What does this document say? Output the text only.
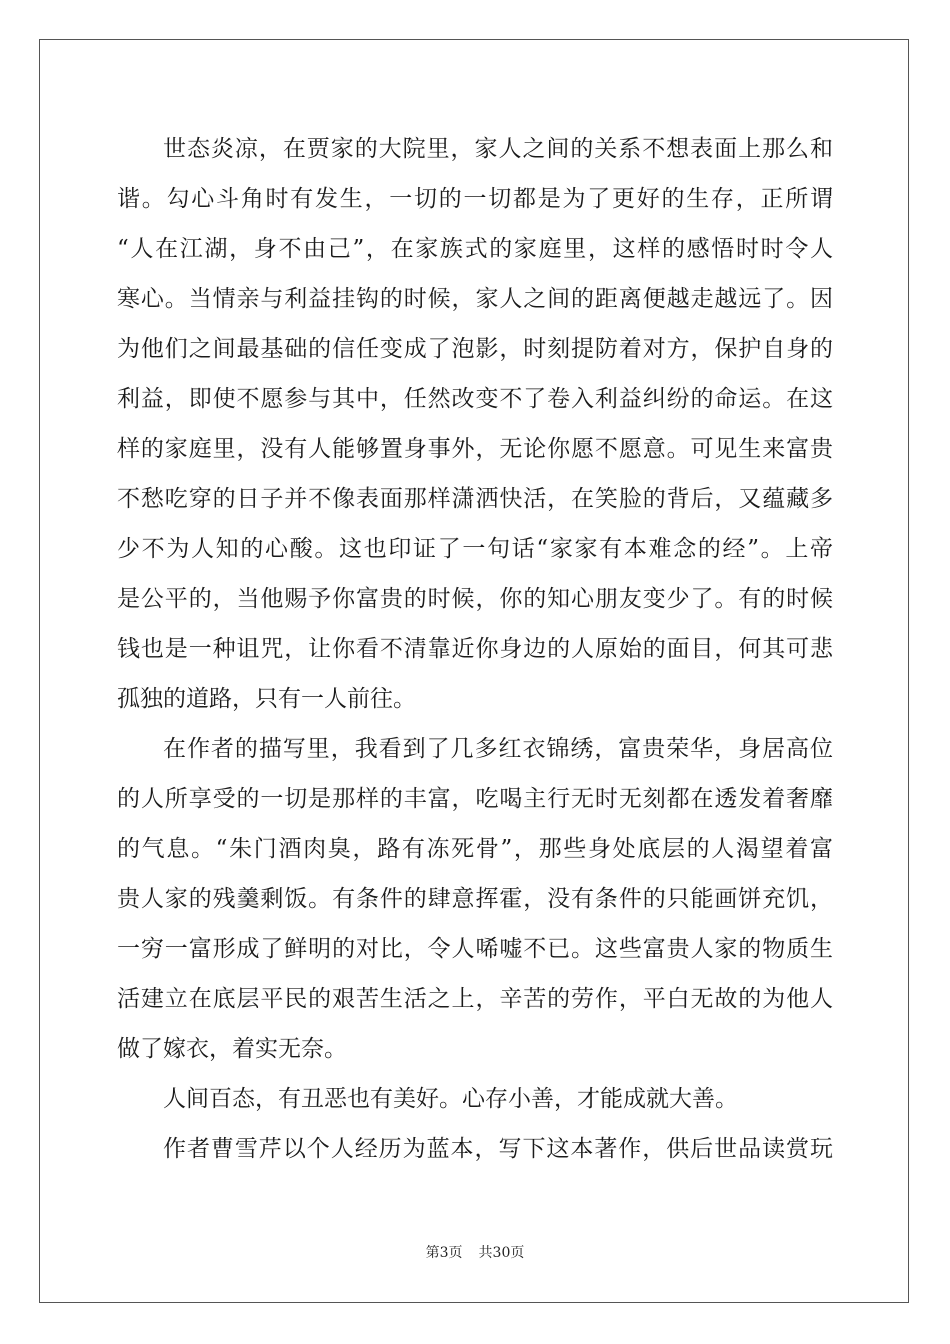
世态炎凉，在贾家的大院里，家人之间的关系不想表面上那么和
谐。勾心斗角时有发生，一切的一切都是为了更好的生存，正所谓
“人在江湖，身不由己”，在家族式的家庭里，这样的感悟时时令人
寒心。当情亲与利益挂钩的时候，家人之间的距离便越走越远了。因
为他们之间最基础的信任变成了泡影，时刻提防着对方，保护自身的
利益，即使不愿参与其中，任然改变不了卷入利益纠纷的命运。在这
样的家庭里，没有人能够置身事外，无论你愿不愿意。可见生来富贵
不愁吃穿的日子并不像表面那样潇洒快活，在笑脸的背后，又蕴藏多
少不为人知的心酸。这也印证了一句话“家家有本难念的经”。上帝
是公平的，当他赐予你富贵的时候，你的知心朋友变少了。有的时候
钱也是一种诅咒，让你看不清靠近你身边的人原始的面目，何其可悲
孤独的道路，只有一人前往。
在作者的描写里，我看到了几多红衣锦绣，富贵荣华，身居高位
的人所享受的一切是那样的丰富，吃喝主行无时无刻都在透发着奢靡
的气息。“朱门酒肉臭，路有冻死骨”，那些身处底层的人渴望着富
贵人家的残羹剩饭。有条件的肆意挥霍，没有条件的只能画饼充饥，
一穷一富形成了鲜明的对比，令人唏嘘不已。这些富贵人家的物质生
活建立在底层平民的艰苦生活之上，辛苦的劳作，平白无故的为他人
做了嫁衣，着实无奈。
人间百态，有丑恶也有美好。心存小善，才能成就大善。
作者曹雪芹以个人经历为蓝本，写下这本著作，供后世品读赏玩
第3页 共30页
